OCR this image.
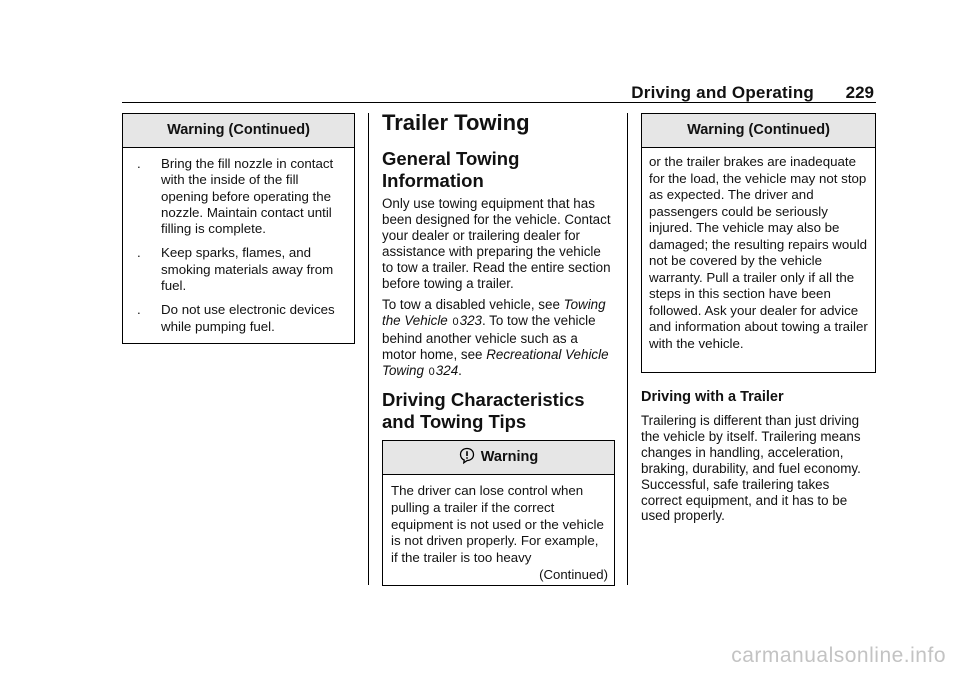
Driving and Operating 229
Warning (Continued)
. Bring the fill nozzle in contact with the inside of the fill opening before operating the nozzle. Maintain contact until filling is complete.
. Keep sparks, flames, and smoking materials away from fuel.
. Do not use electronic devices while pumping fuel.
Trailer Towing
General Towing Information

Only use towing equipment that has been designed for the vehicle. Contact your dealer or trailering dealer for assistance with preparing the vehicle to tow a trailer. Read the entire section before towing a trailer.

To tow a disabled vehicle, see Towing the Vehicle 0323. To tow the vehicle behind another vehicle such as a motor home, see Recreational Vehicle Towing 0324.

Driving Characteristics and Towing Tips
Warning
The driver can lose control when pulling a trailer if the correct equipment is not used or the vehicle is not driven properly. For example, if the trailer is too heavy
(Continued)
Warning (Continued)
or the trailer brakes are inadequate for the load, the vehicle may not stop as expected. The driver and passengers could be seriously injured. The vehicle may also be damaged; the resulting repairs would not be covered by the vehicle warranty. Pull a trailer only if all the steps in this section have been followed. Ask your dealer for advice and information about towing a trailer with the vehicle.
Driving with a Trailer

Trailering is different than just driving the vehicle by itself. Trailering means changes in handling, acceleration, braking, durability, and fuel economy. Successful, safe trailering takes correct equipment, and it has to be used properly.

carmanualsonline.info
